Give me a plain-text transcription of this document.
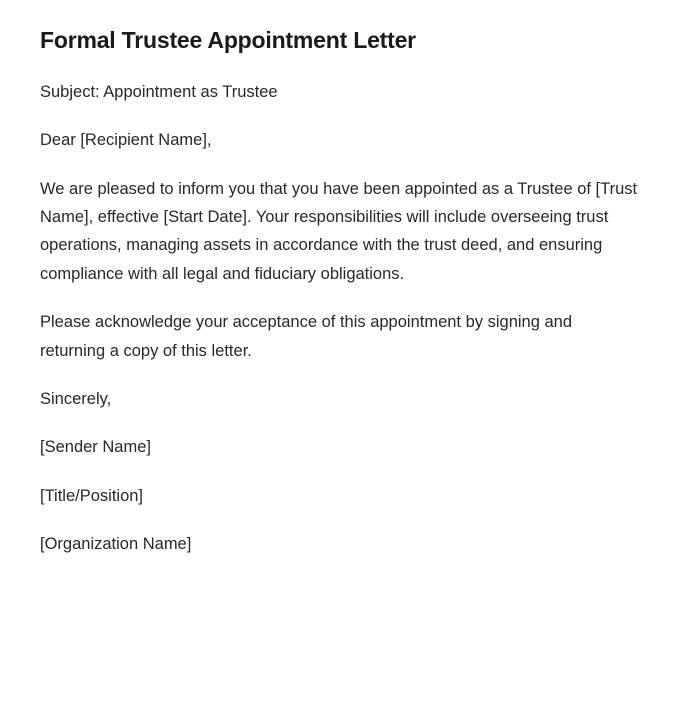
Formal Trustee Appointment Letter

Subject: Appointment as Trustee

Dear [Recipient Name],

We are pleased to inform you that you have been appointed as a Trustee of [Trust Name], effective [Start Date]. Your responsibilities will include overseeing trust operations, managing assets in accordance with the trust deed, and ensuring compliance with all legal and fiduciary obligations.

Please acknowledge your acceptance of this appointment by signing and returning a copy of this letter.

Sincerely,

[Sender Name]

[Title/Position]

[Organization Name]
